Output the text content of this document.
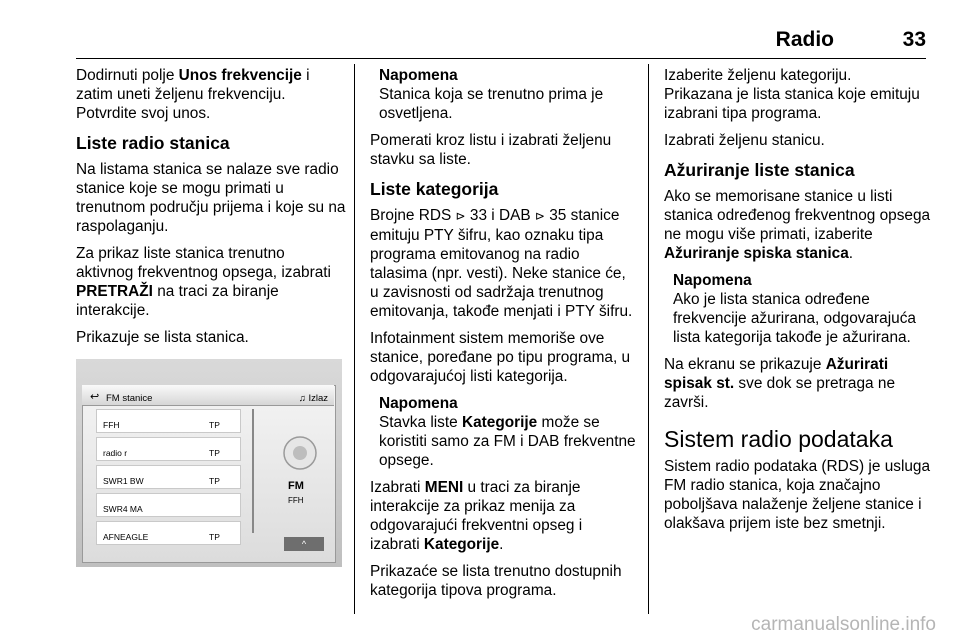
Radio	33

Dodirnuti polje Unos frekvencije i zatim uneti željenu frekvenciju. Potvrdite svoj unos.

Liste radio stanica

Na listama stanica se nalaze sve radio stanice koje se mogu primati u trenutnom području prijema i koje su na raspolaganju.

Za prikaz liste stanica trenutno aktivnog frekventnog opsega, izabrati PRETRAŽI na traci za biranje interakcije.

Prikazuje se lista stanica.

↩ FM stanice	♫ Izlaz
FFH	TP
radio r	TP
SWR1 BW	TP
SWR4 MA
AFNEAGLE	TP
FM
FFH
^
Napomena
Stanica koja se trenutno prima je osvetljena.

Pomerati kroz listu i izabrati željenu stavku sa liste.

Liste kategorija

Brojne RDS ⊳ 33 i DAB ⊳ 35 stanice emituju PTY šifru, kao oznaku tipa programa emitovanog na radio talasima (npr. vesti). Neke stanice će, u zavisnosti od sadržaja trenutnog emitovanja, takođe menjati i PTY šifru.

Infotainment sistem memoriše ove stanice, poređane po tipu programa, u odgovarajućoj listi kategorija.

Napomena
Stavka liste Kategorije može se koristiti samo za FM i DAB frekventne opsege.

Izabrati MENI u traci za biranje interakcije za prikaz menija za odgovarajući frekventni opseg i izabrati Kategorije.

Prikazaće se lista trenutno dostupnih kategorija tipova programa.

Izaberite željenu kategoriju.

Prikazana je lista stanica koje emituju izabrani tipa programa.

Izabrati željenu stanicu.

Ažuriranje liste stanica

Ako se memorisane stanice u listi stanica određenog frekventnog opsega ne mogu više primati, izaberite Ažuriranje spiska stanica.

Napomena
Ako je lista stanica određene frekvencije ažurirana, odgovarajuća lista kategorija takođe je ažurirana.

Na ekranu se prikazuje Ažurirati spisak st. sve dok se pretraga ne završi.

Sistem radio podataka

Sistem radio podataka (RDS) je usluga FM radio stanica, koja značajno poboljšava nalaženje željene stanice i olakšava prijem iste bez smetnji.

carmanualsonline.info
